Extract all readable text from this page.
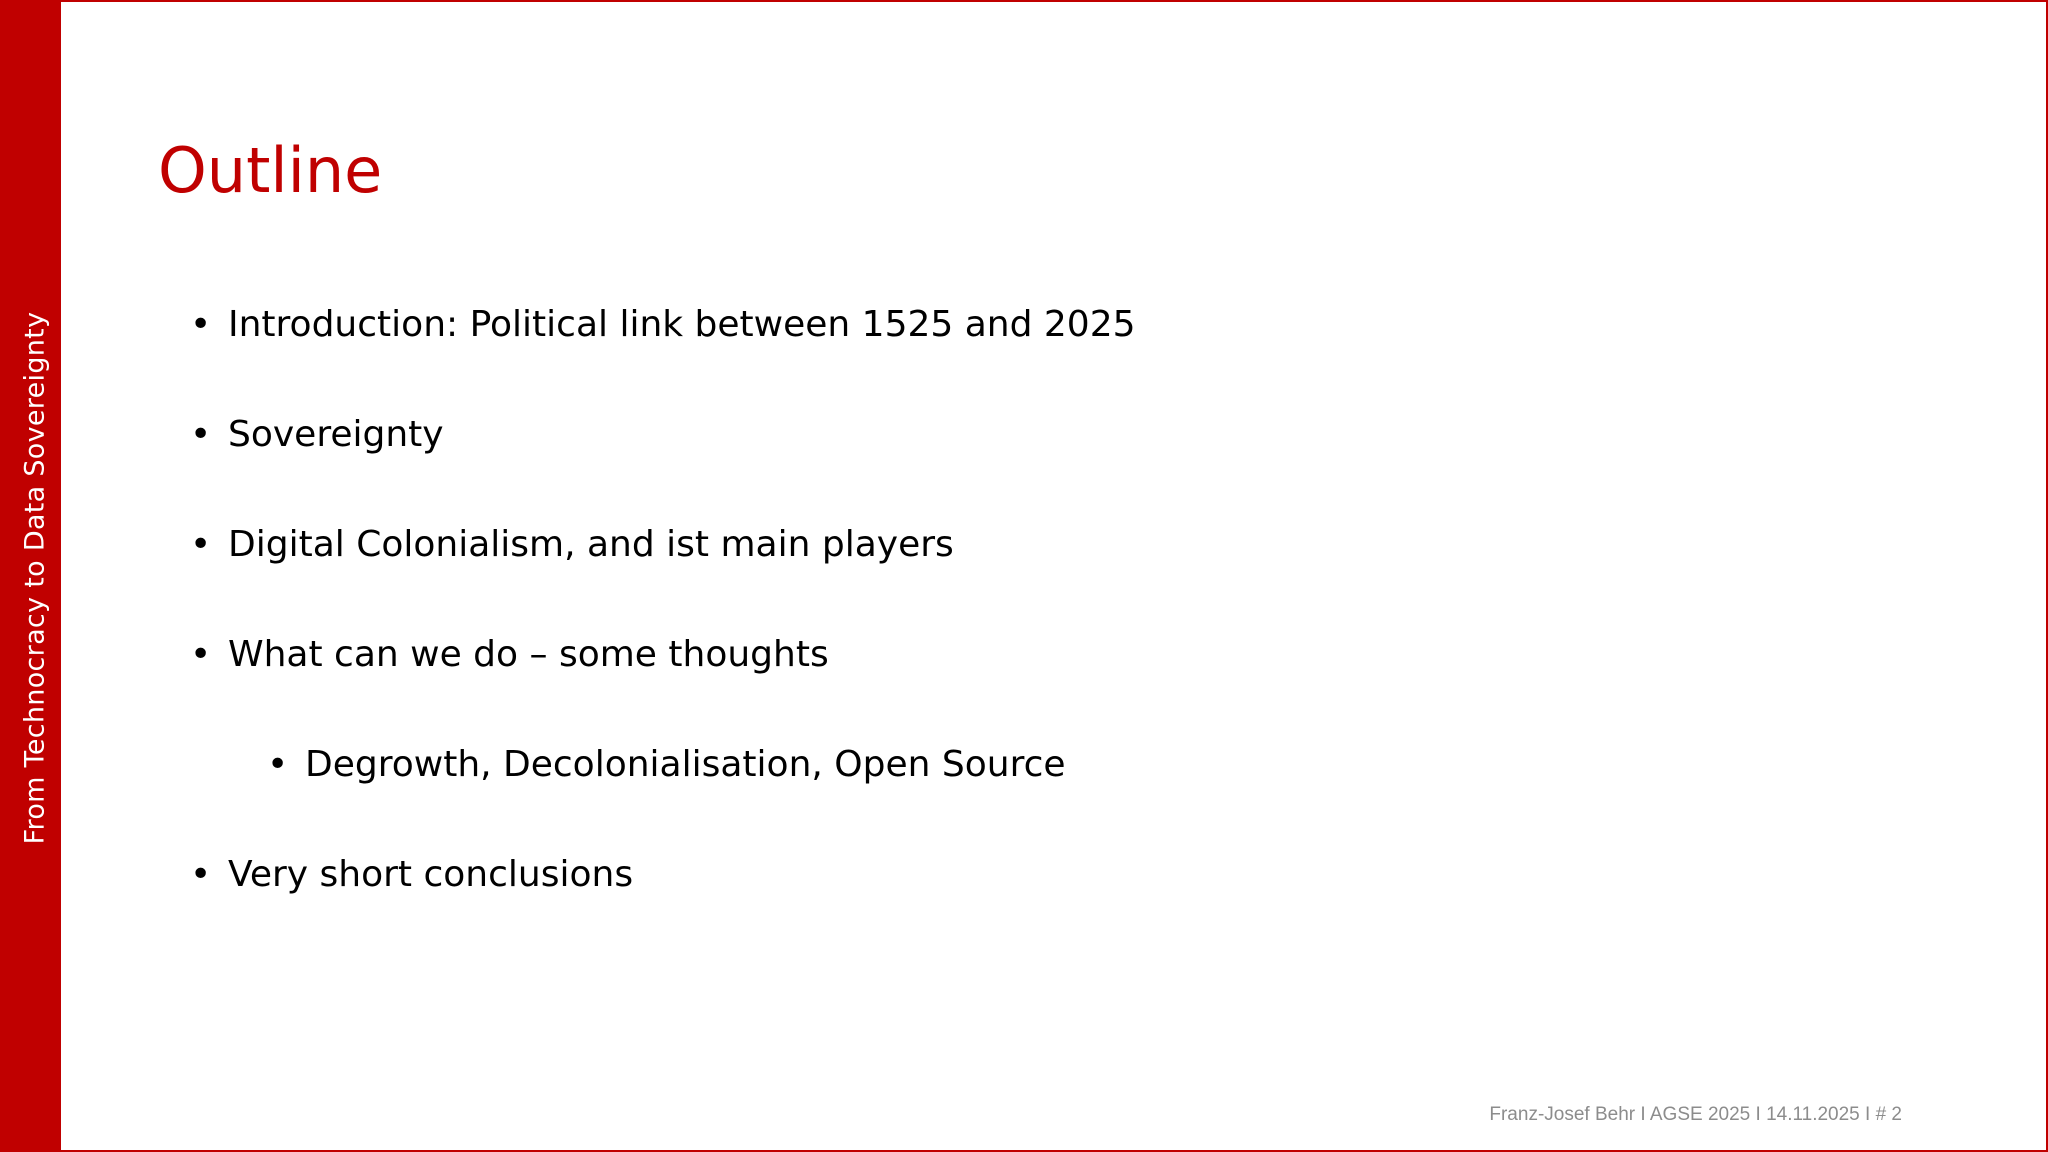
From Technocracy to Data Sovereignty
Outline
• Introduction: Political link between 1525 and 2025
• Sovereignty
• Digital Colonialism, and ist main players
• What can we do – some thoughts
• Degrowth, Decolonialisation, Open Source
• Very short conclusions
Franz-Josef Behr I AGSE 2025 I 14.11.2025 I # 2
